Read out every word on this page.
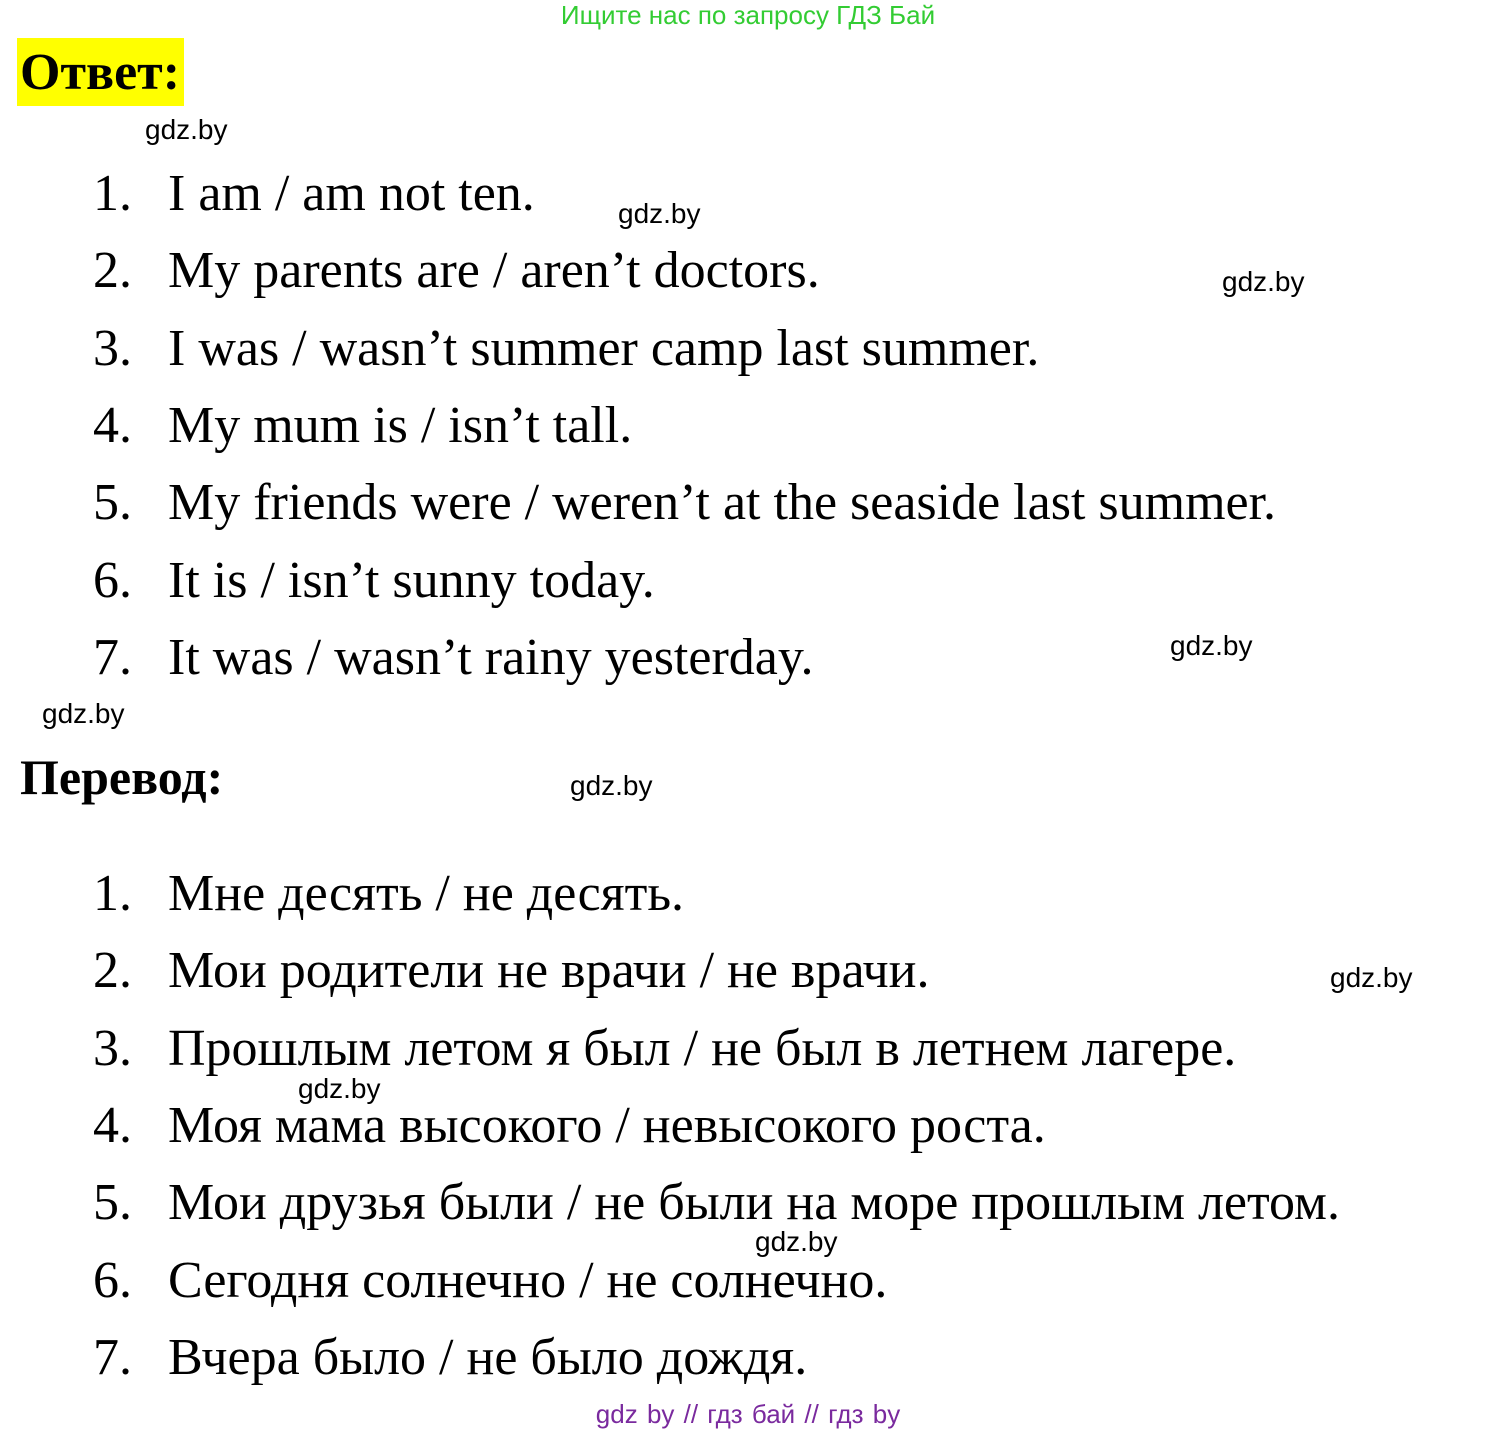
Ищите нас по запросу ГДЗ Бай
Ответ:
1. I am / am not ten.
2. My parents are / aren’t doctors.
3. I was / wasn’t summer camp last summer.
4. My mum is / isn’t tall.
5. My friends were / weren’t at the seaside last summer.
6. It is / isn’t sunny today.
7. It was / wasn’t rainy yesterday.
Перевод:
1. Мне десять / не десять.
2. Мои родители не врачи / не врачи.
3. Прошлым летом я был / не был в летнем лагере.
4. Моя мама высокого / невысокого роста.
5. Мои друзья были / не были на море прошлым летом.
6. Сегодня солнечно / не солнечно.
7. Вчера было / не было дождя.
gdz.by
gdz.by
gdz.by
gdz.by
gdz.by
gdz.by
gdz.by
gdz.by
gdz.by
gdz by // гдз бай // гдз by
